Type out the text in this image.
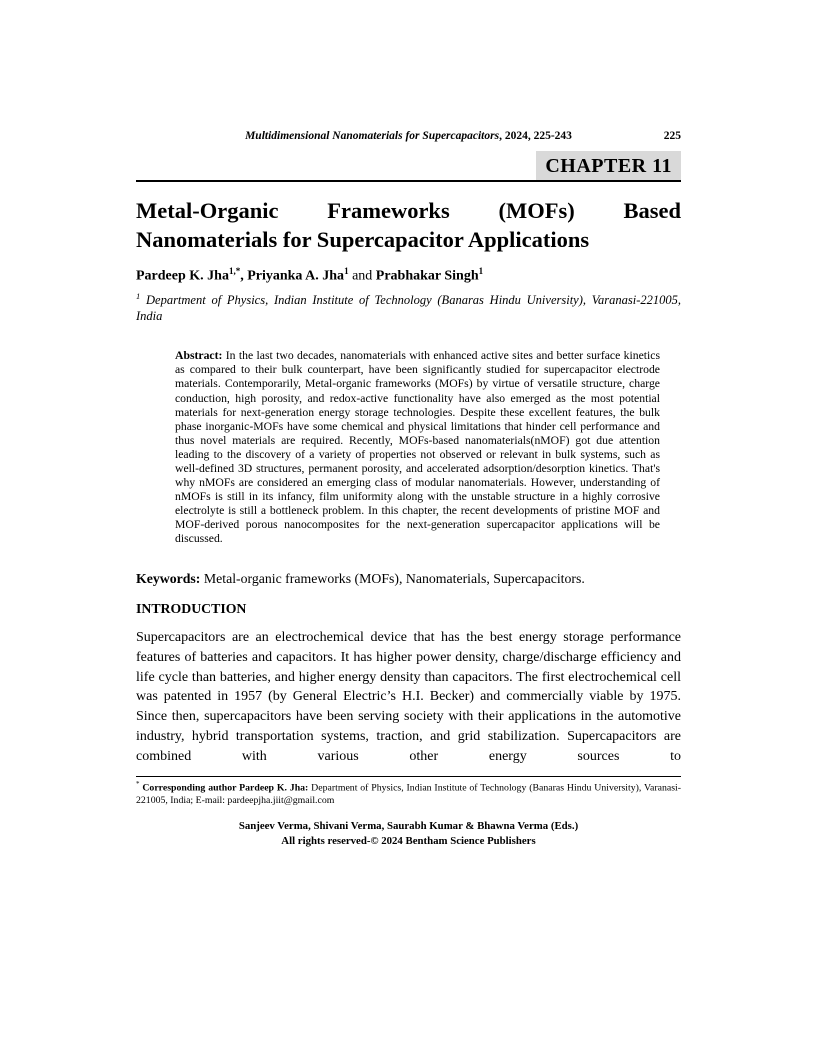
Multidimensional Nanomaterials for Supercapacitors, 2024, 225-243	225
CHAPTER 11
Metal-Organic Frameworks (MOFs) Based Nanomaterials for Supercapacitor Applications
Pardeep K. Jha$^{1,*}$, Priyanka A. Jha$^1$ and Prabhakar Singh$^1$

$^1$ Department of Physics, Indian Institute of Technology (Banaras Hindu University), Varanasi-221005, India

Abstract: In the last two decades, nanomaterials with enhanced active sites and better surface kinetics as compared to their bulk counterpart, have been significantly studied for supercapacitor electrode materials. Contemporarily, Metal-organic frameworks (MOFs) by virtue of versatile structure, charge conduction, high porosity, and redox-active functionality have also emerged as the most potential materials for next-generation energy storage technologies. Despite these excellent features, the bulk phase inorganic-MOFs have some chemical and physical limitations that hinder cell performance and thus novel materials are required. Recently, MOFs-based nanomaterials(nMOF) got due attention leading to the discovery of a variety of properties not observed or relevant in bulk systems, such as well-defined 3D structures, permanent porosity, and accelerated adsorption/desorption kinetics. That's why nMOFs are considered an emerging class of modular nanomaterials. However, understanding of nMOFs is still in its infancy, film uniformity along with the unstable structure in a highly corrosive electrolyte is still a bottleneck problem. In this chapter, the recent developments of pristine MOF and MOF-derived porous nanocomposites for the next-generation supercapacitor applications will be discussed.

Keywords: Metal-organic frameworks (MOFs), Nanomaterials, Supercapacitors.

INTRODUCTION

Supercapacitors are an electrochemical device that has the best energy storage performance features of batteries and capacitors. It has higher power density, charge/discharge efficiency and life cycle than batteries, and higher energy density than capacitors. The first electrochemical cell was patented in 1957 (by General Electric’s H.I. Becker) and commercially viable by 1975. Since then, supercapacitors have been serving society with their applications in the automotive industry, hybrid transportation systems, traction, and grid stabilization. Supercapacitors are combined with various other energy sources to

* Corresponding author Pardeep K. Jha: Department of Physics, Indian Institute of Technology (Banaras Hindu University), Varanasi-221005, India; E-mail: pardeepjha.jiit@gmail.com
Sanjeev Verma, Shivani Verma, Saurabh Kumar & Bhawna Verma (Eds.)
All rights reserved-© 2024 Bentham Science Publishers
